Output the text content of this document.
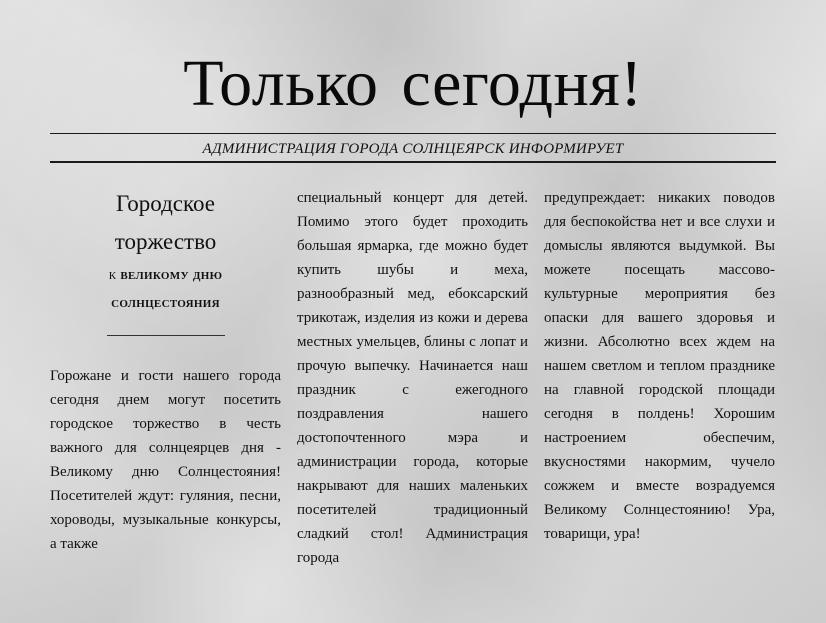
Только сегодня!
АДМИНИСТРАЦИЯ ГОРОДА СОЛНЦЕЯРСК ИНФОРМИРУЕТ

Городское

торжество

к великому дню

солнцестояния

Горожане и гости нашего города сегодня днем могут посетить городское торжество в честь важного для солнцеярцев дня - Великому дню Солнцестояния! Посетителей ждут: гуляния, песни, хороводы, музыкальные конкурсы, а также

специальный концерт для детей. Помимо этого будет проходить большая ярмарка, где можно будет купить шубы и меха, разнообразный мед, ебоксарский трикотаж, изделия из кожи и дерева местных умельцев, блины с лопат и прочую выпечку. Начинается наш праздник с ежегодного поздравления нашего достопочтенного мэра и администрации города, которые накрывают для наших маленьких посетителей традиционный сладкий стол! Администрация города

предупреждает: никаких поводов для беспокойства нет и все слухи и домыслы являются выдумкой. Вы можете посещать массово-культурные мероприятия без опаски для вашего здоровья и жизни. Абсолютно всех ждем на нашем светлом и теплом празднике на главной городской площади сегодня в полдень! Хорошим настроением обеспечим, вкусностями накормим, чучело сожжем и вместе возрадуемся Великому Солнцестоянию! Ура, товарищи, ура!
